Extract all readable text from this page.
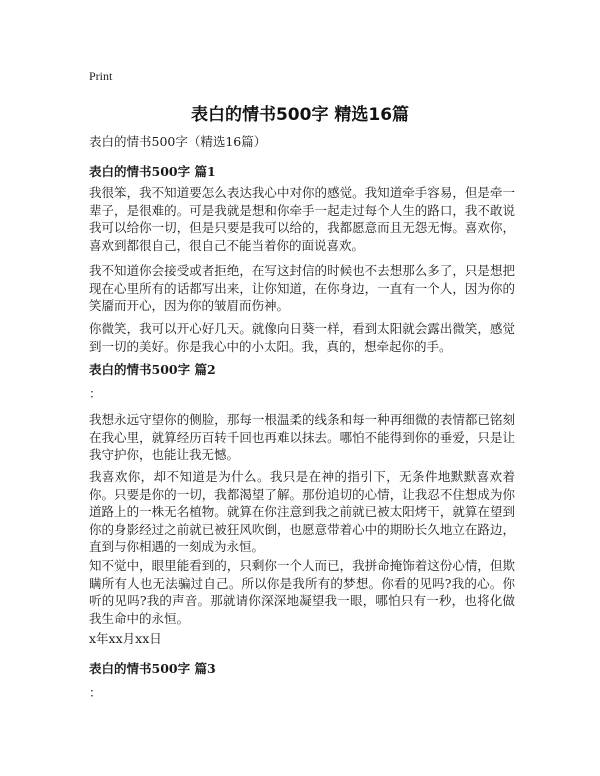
Print
表白的情书500字 精选16篇
表白的情书500字（精选16篇）
表白的情书500字 篇1

我很笨，我不知道要怎么表达我心中对你的感觉。我知道牵手容易，但是牵一辈子，是很难的。可是我就是想和你牵手一起走过每个人生的路口，我不敢说我可以给你一切，但是只要是我可以给的，我都愿意而且无怨无悔。喜欢你，喜欢到都很自己，很自己不能当着你的面说喜欢。

我不知道你会接受或者拒绝，在写这封信的时候也不去想那么多了，只是想把现在心里所有的话都写出来，让你知道，在你身边，一直有一个人，因为你的笑靥而开心，因为你的皱眉而伤神。

你微笑，我可以开心好几天。就像向日葵一样，看到太阳就会露出微笑，感觉到一切的美好。你是我心中的小太阳。我，真的，想牵起你的手。

表白的情书500字 篇2
：

我想永远守望你的侧脸，那每一根温柔的线条和每一种再细微的表情都已铭刻在我心里，就算经历百转千回也再难以抹去。哪怕不能得到你的垂爱，只是让我守护你，也能让我无憾。

我喜欢你，却不知道是为什么。我只是在神的指引下，无条件地默默喜欢着你。只要是你的一切，我都渴望了解。那份追切的心情，让我忍不住想成为你道路上的一株无名植物。就算在你注意到我之前就已被太阳烤干，就算在望到你的身影经过之前就已被狂风吹倒，也愿意带着心中的期盼长久地立在路边，直到与你相遇的一刻成为永恒。

知不觉中，眼里能看到的，只剩你一个人而已，我拼命掩饰着这份心情，但欺瞒所有人也无法骗过自己。所以你是我所有的梦想。你看的见吗?我的心。你听的见吗?我的声音。那就请你深深地凝望我一眼，哪怕只有一秒，也将化做我生命中的永恒。

x年xx月xx日
表白的情书500字 篇3
：
